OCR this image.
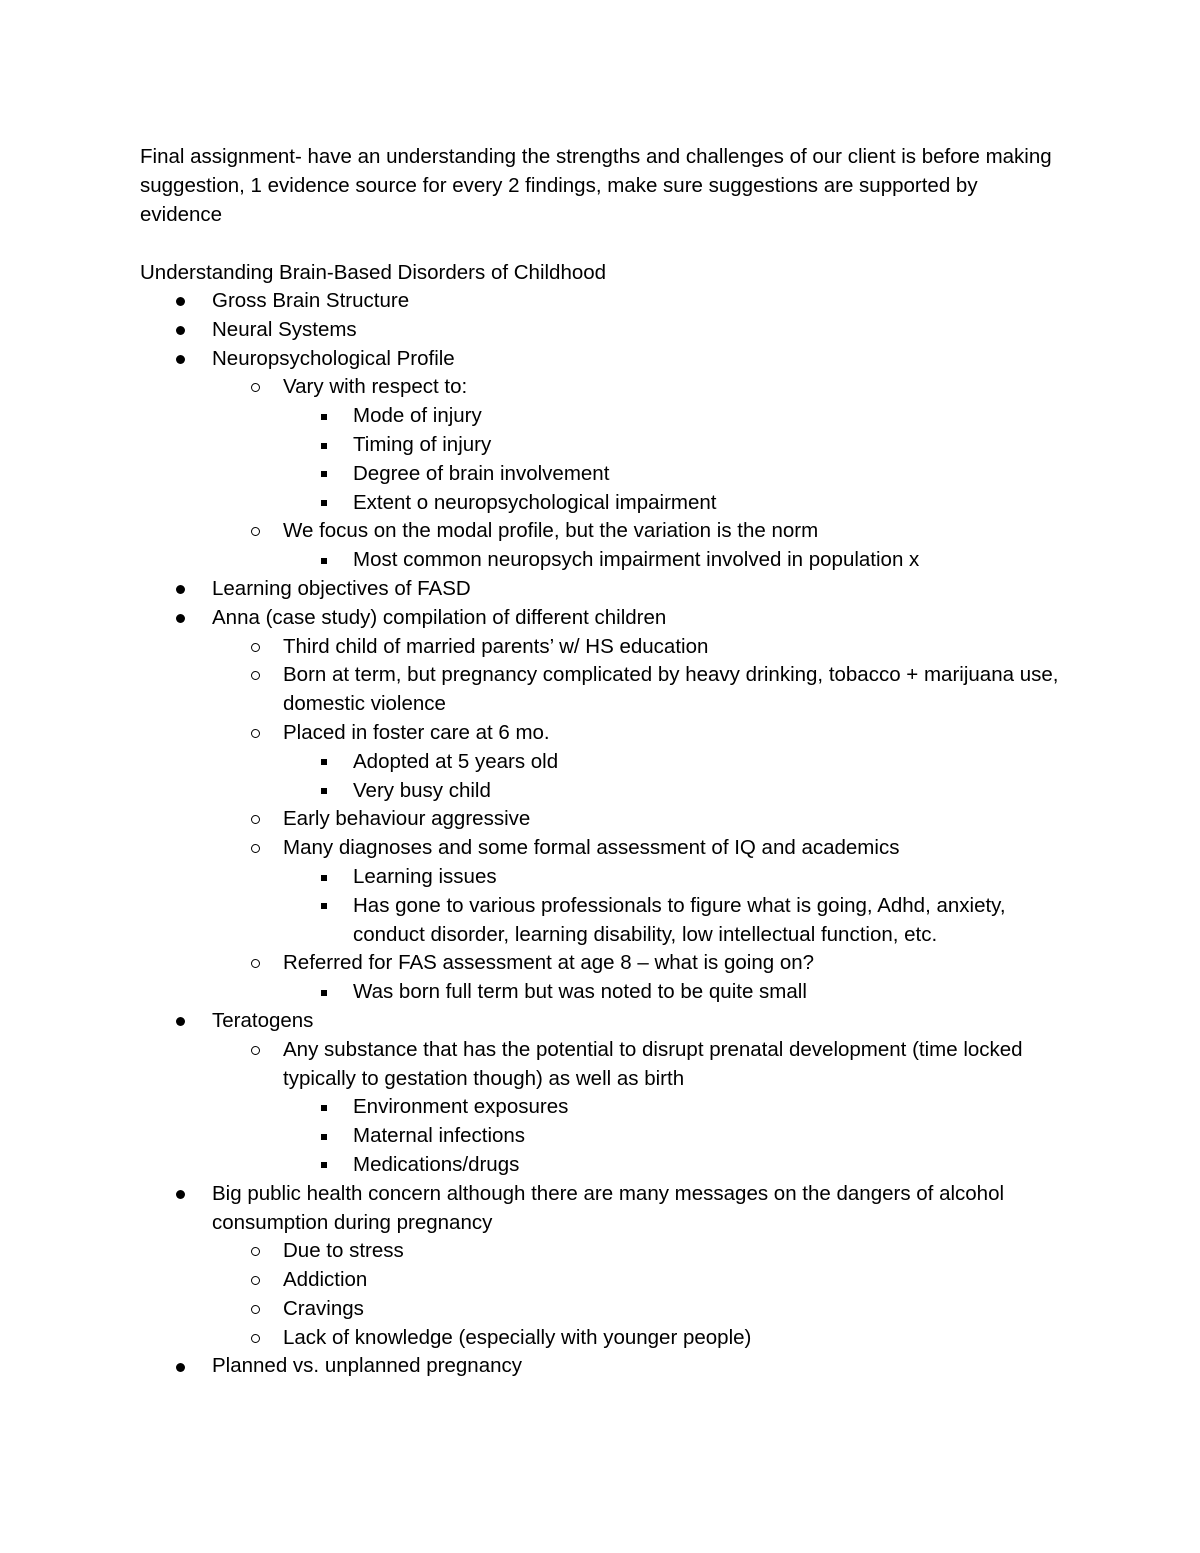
Final assignment- have an understanding the strengths and challenges of our client is before making suggestion, 1 evidence source for every 2 findings, make sure suggestions are supported by evidence

Understanding Brain-Based Disorders of Childhood

Gross Brain Structure
Neural Systems
Neuropsychological Profile
Vary with respect to:
Mode of injury
Timing of injury
Degree of brain involvement
Extent o neuropsychological impairment
We focus on the modal profile, but the variation is the norm
Most common neuropsych impairment involved in population x
Learning objectives of FASD
Anna (case study) compilation of different children
Third child of married parents’ w/ HS education
Born at term, but pregnancy complicated by heavy drinking, tobacco + marijuana use, domestic violence
Placed in foster care at 6 mo.
Adopted at 5 years old
Very busy child
Early behaviour aggressive
Many diagnoses and some formal assessment of IQ and academics
Learning issues
Has gone to various professionals to figure what is going, Adhd, anxiety, conduct disorder, learning disability, low intellectual function, etc.
Referred for FAS assessment at age 8 – what is going on?
Was born full term but was noted to be quite small
Teratogens
Any substance that has the potential to disrupt prenatal development (time locked typically to gestation though) as well as birth
Environment exposures
Maternal infections
Medications/drugs
Big public health concern although there are many messages on the dangers of alcohol consumption during pregnancy
Due to stress
Addiction
Cravings
Lack of knowledge (especially with younger people)
Planned vs. unplanned pregnancy
